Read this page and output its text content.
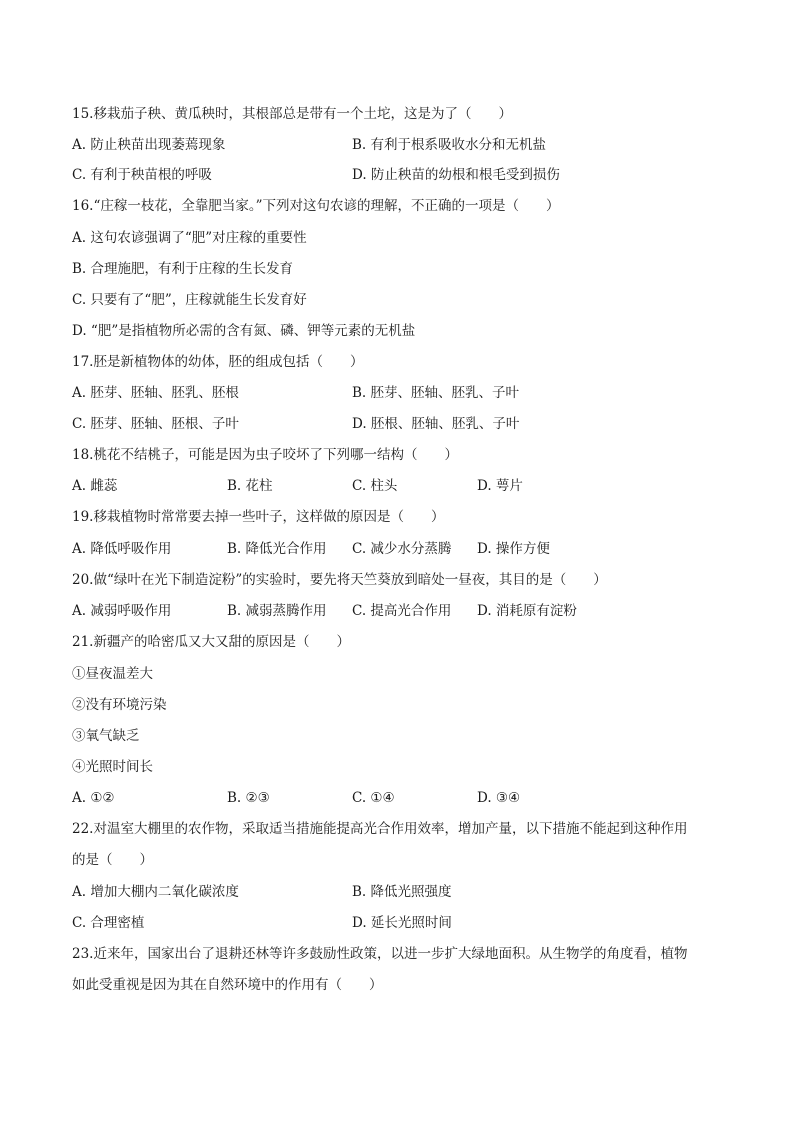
15.移栽茄子秧、黄瓜秧时，其根部总是带有一个土坨，这是为了（　　）
A. 防止秧苗出现萎蔫现象	B. 有利于根系吸收水分和无机盐
C. 有利于秧苗根的呼吸	D. 防止秧苗的幼根和根毛受到损伤
16.“庄稼一枝花，全靠肥当家。”下列对这句农谚的理解，不正确的一项是（　　）
A. 这句农谚强调了“肥”对庄稼的重要性
B. 合理施肥，有利于庄稼的生长发育
C. 只要有了“肥”，庄稼就能生长发育好
D. “肥”是指植物所必需的含有氮、磷、钾等元素的无机盐
17.胚是新植物体的幼体，胚的组成包括（　　）
A. 胚芽、胚轴、胚乳、胚根	B. 胚芽、胚轴、胚乳、子叶
C. 胚芽、胚轴、胚根、子叶	D. 胚根、胚轴、胚乳、子叶
18.桃花不结桃子，可能是因为虫子咬坏了下列哪一结构（　　）
A. 雌蕊	B. 花柱	C. 柱头	D. 萼片
19.移栽植物时常常要去掉一些叶子，这样做的原因是（　　）
A. 降低呼吸作用	B. 降低光合作用 C. 减少水分蒸腾 D. 操作方便
20.做“绿叶在光下制造淀粉”的实验时，要先将天竺葵放到暗处一昼夜，其目的是（　　）
A. 减弱呼吸作用	B. 减弱蒸腾作用 C. 提高光合作用 D. 消耗原有淀粉
21.新疆产的哈密瓜又大又甜的原因是（　　）
①昼夜温差大
②没有环境污染
③氧气缺乏
④光照时间长
A. ①②	B. ②③	C. ①④	D. ③④
22.对温室大棚里的农作物，采取适当措施能提高光合作用效率，增加产量，以下措施不能起到这种作用
的是（　　）
A. 增加大棚内二氧化碳浓度	B. 降低光照强度
C. 合理密植	D. 延长光照时间
23.近来年，国家出台了退耕还林等许多鼓励性政策，以进一步扩大绿地面积。从生物学的角度看，植物
如此受重视是因为其在自然环境中的作用有（　　）
